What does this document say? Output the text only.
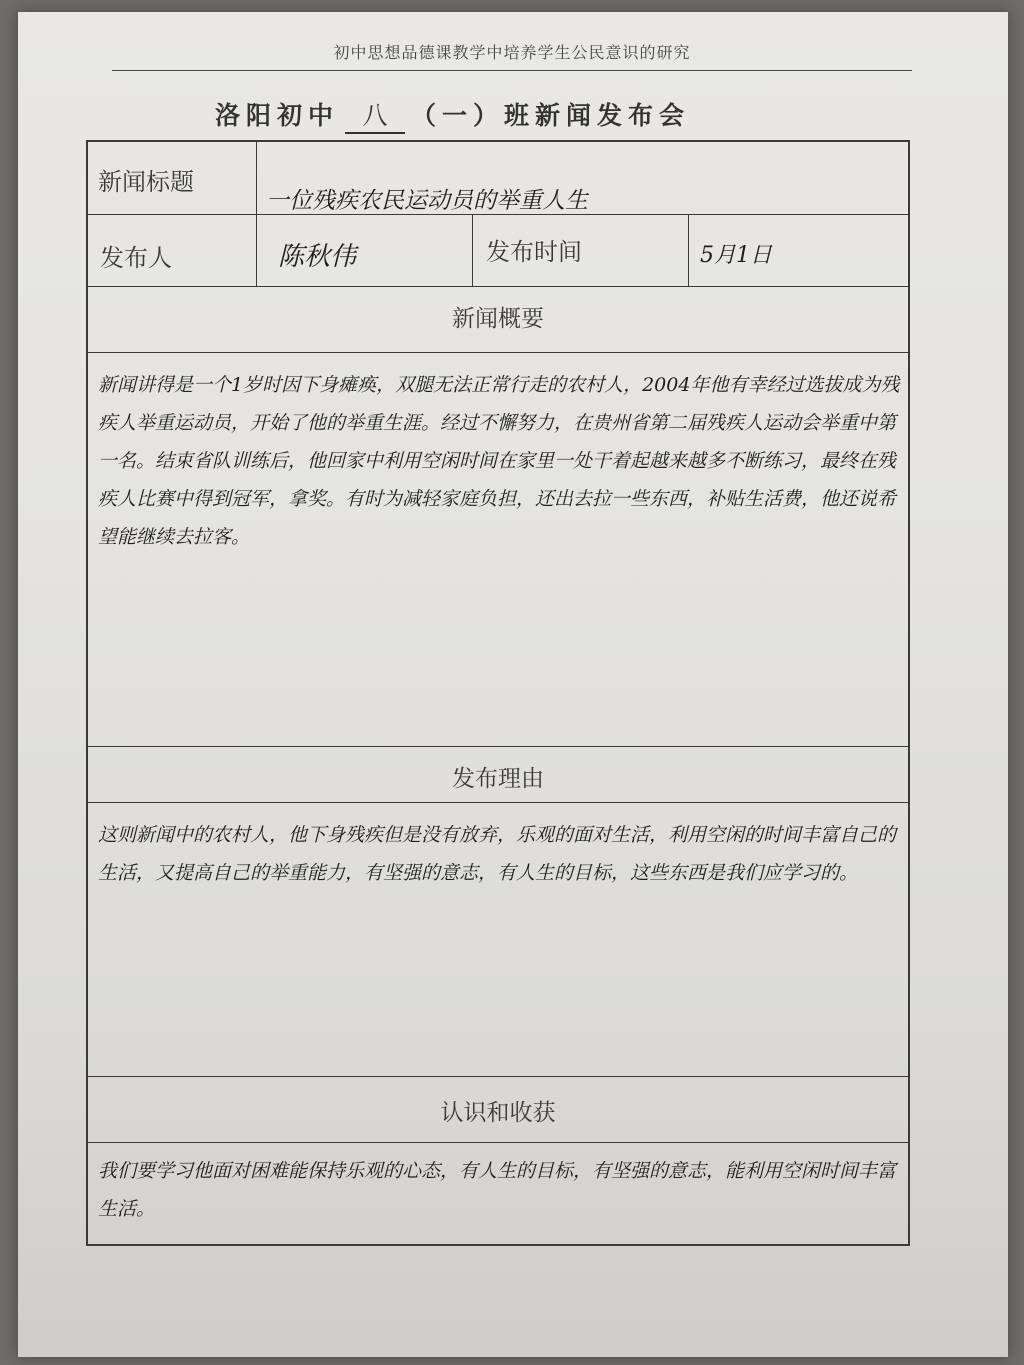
初中思想品德课教学中培养学生公民意识的研究
洛阳初中 八 （一）班新闻发布会
新闻标题
一位残疾农民运动员的举重人生
发布人	陈秋伟	发布时间	5月1日
新闻概要
新闻讲得是一个1岁时因下身瘫痪，双腿无法正常行走的农村人，2004年他有幸经过选拔成为残疾人举重运动员，开始了他的举重生涯。经过不懈努力，在贵州省第二届残疾人运动会举重中第一名。结束省队训练后，他回家中利用空闲时间在家里一处干着起越来越多不断练习，最终在残疾人比赛中得到冠军，拿奖。有时为减轻家庭负担，还出去拉一些东西，补贴生活费，他还说希望能继续去拉客。
发布理由
这则新闻中的农村人，他下身残疾但是没有放弃，乐观的面对生活，利用空闲的时间丰富自己的生活，又提高自己的举重能力，有坚强的意志，有人生的目标，这些东西是我们应学习的。
认识和收获
我们要学习他面对困难能保持乐观的心态，有人生的目标，有坚强的意志，能利用空闲时间丰富生活。
